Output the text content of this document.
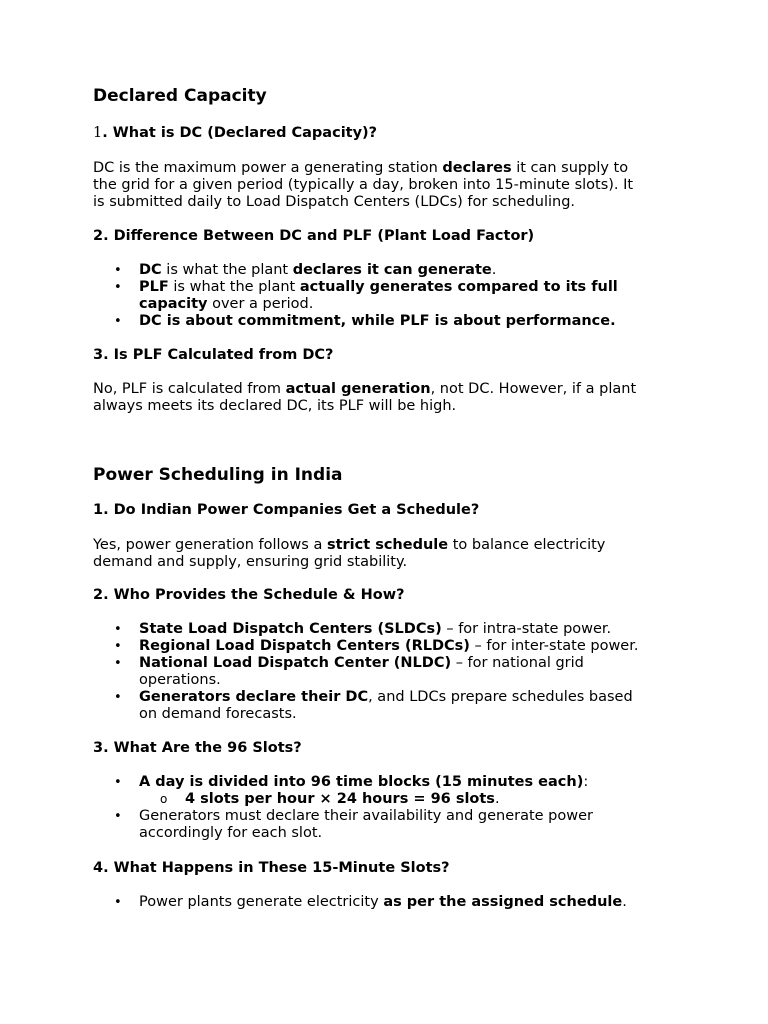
Declared Capacity
1. What is DC (Declared Capacity)?
DC is the maximum power a generating station declares it can supply to
the grid for a given period (typically a day, broken into 15-minute slots). It
is submitted daily to Load Dispatch Centers (LDCs) for scheduling.
2. Difference Between DC and PLF (Plant Load Factor)
• DC is what the plant declares it can generate.
• PLF is what the plant actually generates compared to its full
capacity over a period.
• DC is about commitment, while PLF is about performance.
3. Is PLF Calculated from DC?
No, PLF is calculated from actual generation, not DC. However, if a plant
always meets its declared DC, its PLF will be high.
Power Scheduling in India
1. Do Indian Power Companies Get a Schedule?
Yes, power generation follows a strict schedule to balance electricity
demand and supply, ensuring grid stability.
2. Who Provides the Schedule & How?
• State Load Dispatch Centers (SLDCs) – for intra-state power.
• Regional Load Dispatch Centers (RLDCs) – for inter-state power.
• National Load Dispatch Center (NLDC) – for national grid
operations.
• Generators declare their DC, and LDCs prepare schedules based
on demand forecasts.
3. What Are the 96 Slots?
• A day is divided into 96 time blocks (15 minutes each):
o 4 slots per hour × 24 hours = 96 slots.
• Generators must declare their availability and generate power
accordingly for each slot.
4. What Happens in These 15-Minute Slots?
• Power plants generate electricity as per the assigned schedule.
